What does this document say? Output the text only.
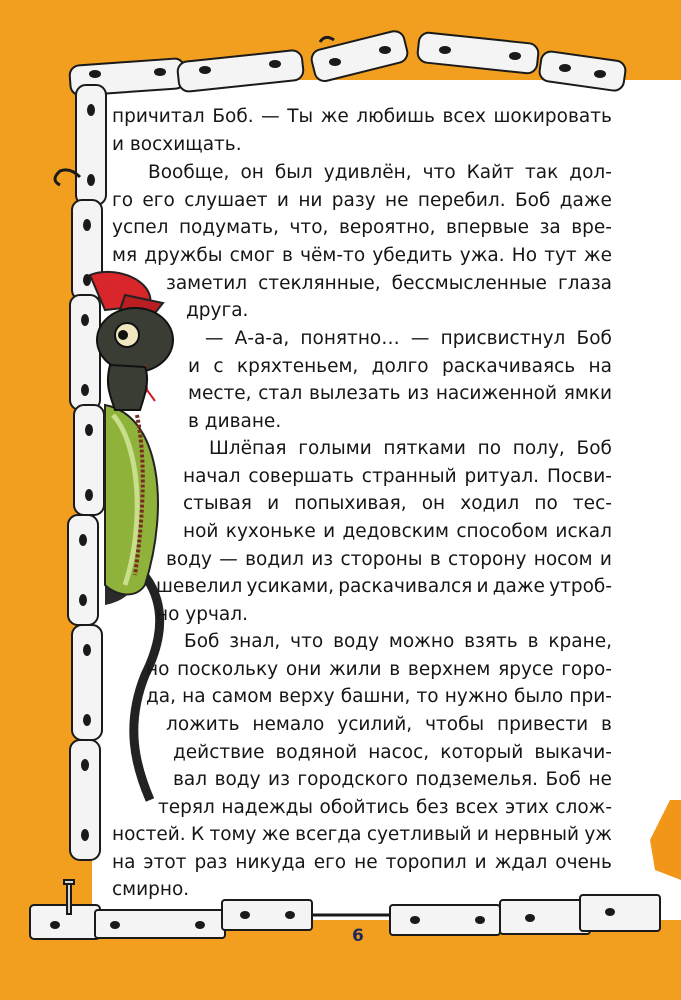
причитал Боб. — Ты же любишь всех шокировать
и восхищать.
Вообще, он был удивлён, что Кайт так дол-
го его слушает и ни разу не перебил. Боб даже
успел подумать, что, вероятно, впервые за вре-
мя дружбы смог в чём-то убедить ужа. Но тут же
заметил стеклянные, бессмысленные глаза
друга.
— А-а-а, понятно… — присвистнул Боб
и с кряхтеньем, долго раскачиваясь на
месте, стал вылезать из насиженной ямки
в диване.
Шлёпая голыми пятками по полу, Боб
начал совершать странный ритуал. Посви-
стывая и попыхивая, он ходил по тес-
ной кухоньке и дедовским способом искал
воду — водил из стороны в сторону носом и
шевелил усиками, раскачивался и даже утроб-
но урчал.
Боб знал, что воду можно взять в кране,
но поскольку они жили в верхнем ярусе горо-
да, на самом верху башни, то нужно было при-
ложить немало усилий, чтобы привести в
действие водяной насос, который выкачи-
вал воду из городского подземелья. Боб не
терял надежды обойтись без всех этих слож-
ностей. К тому же всегда суетливый и нервный уж
на этот раз никуда его не торопил и ждал очень
смирно.
6
